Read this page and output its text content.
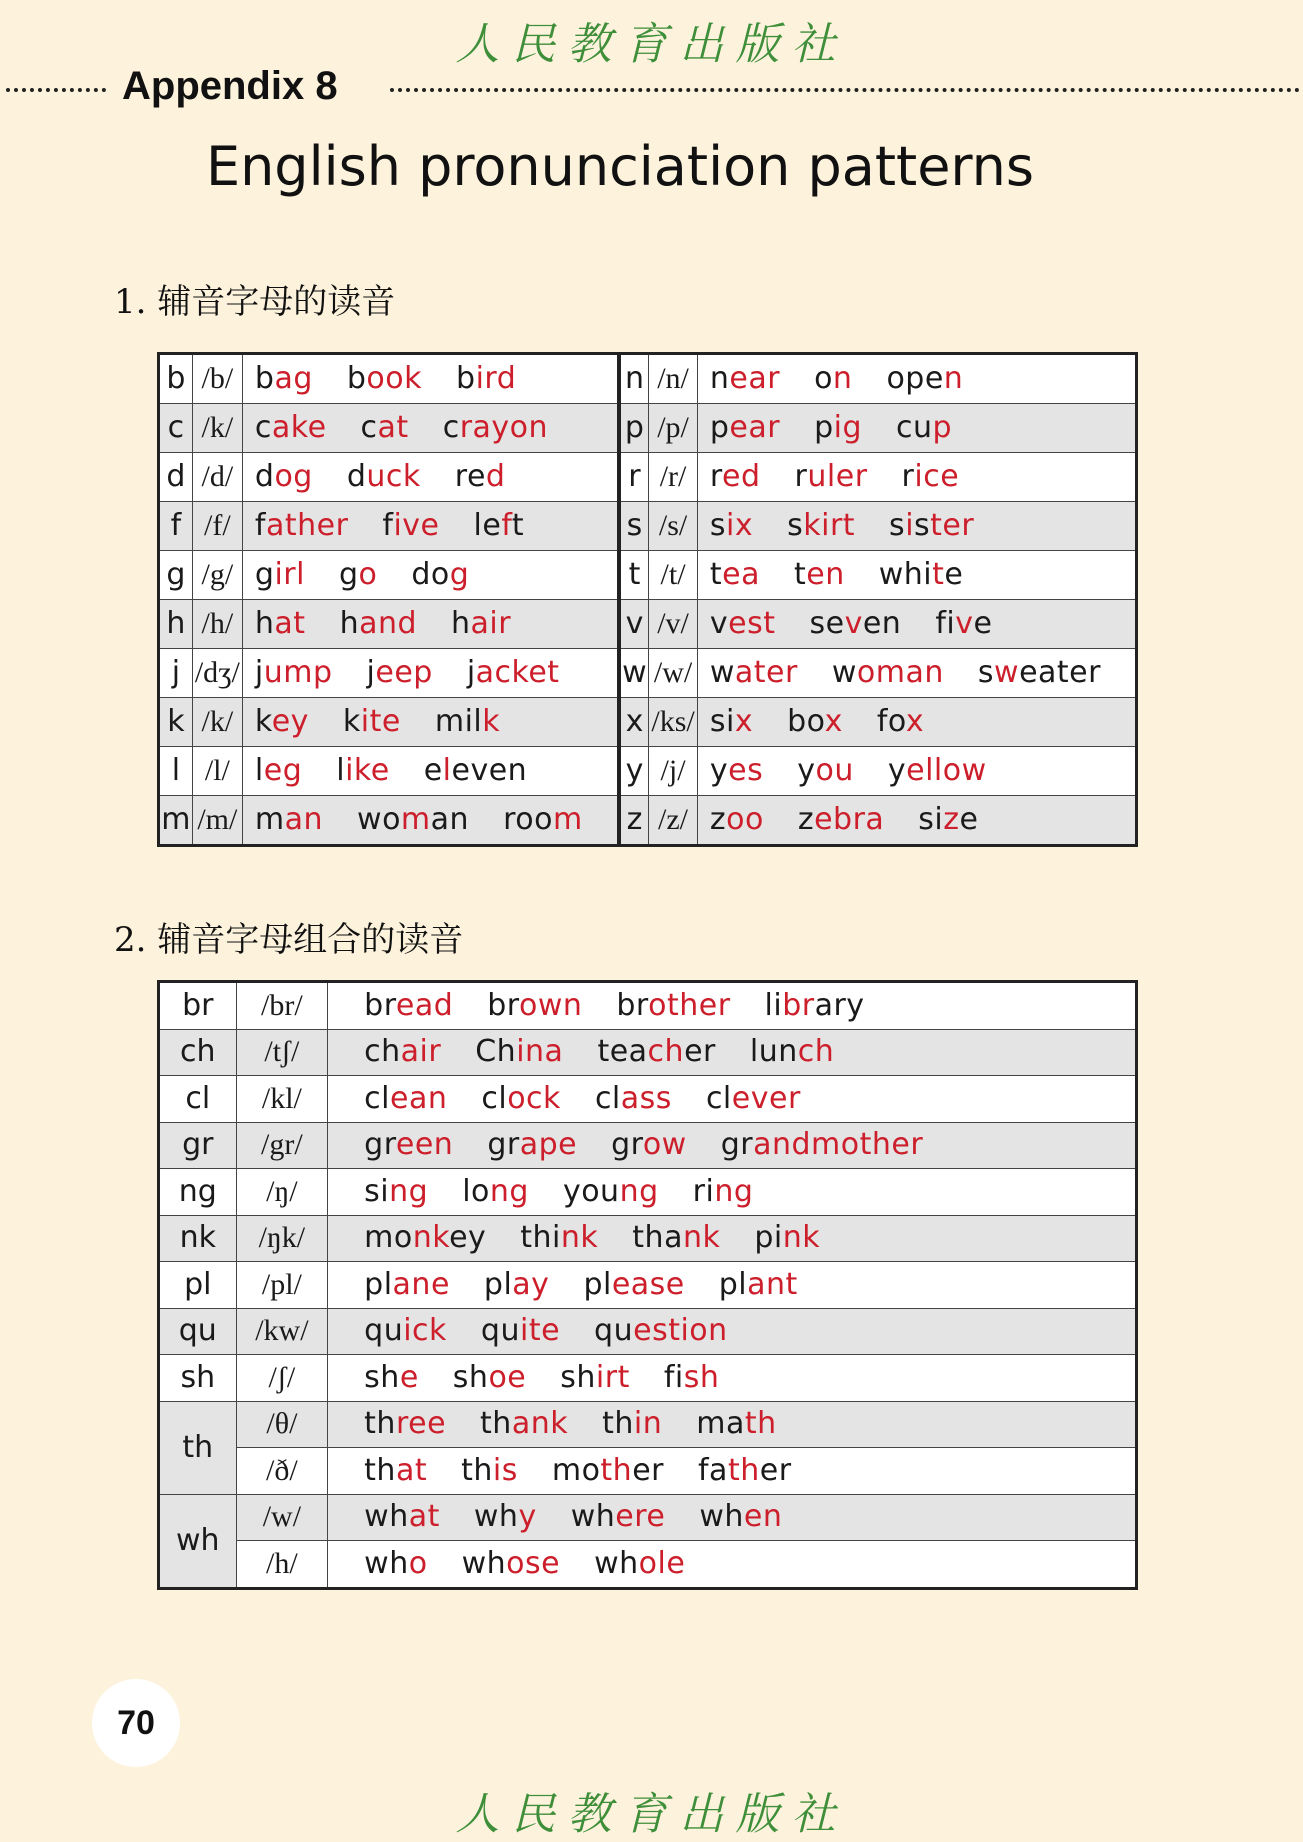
人民教育出版社
Appendix 8
English pronunciation patterns
1. 辅音字母的读音
b	/b/	bag book bird	n	/n/	near on open
c	/k/	cake cat crayon	p	/p/	pear pig cup
d	/d/	dog duck red	r	/r/	red ruler rice
f	/f/	father five left	s	/s/	six skirt sister
g	/g/	girl go dog	t	/t/	tea ten white
h	/h/	hat hand hair	v	/v/	vest seven five
j	/dʒ/	jump jeep jacket	w	/w/	water woman sweater
k	/k/	key kite milk	x	/ks/	six box fox
l	/l/	leg like eleven	y	/j/	yes you yellow
m	/m/	man woman room	z	/z/	zoo zebra size
2. 辅音字母组合的读音
br	/br/	bread brown brother library
ch	/tʃ/	chair China teacher lunch
cl	/kl/	clean clock class clever
gr	/gr/	green grape grow grandmother
ng	/ŋ/	sing long young ring
nk	/ŋk/	monkey think thank pink
pl	/pl/	plane play please plant
qu	/kw/	quick quite question
sh	/ʃ/	she shoe shirt fish
th	/θ/	three thank thin math
	/ð/	that this mother father
wh	/w/	what why where when
	/h/	who whose whole
70
人民教育出版社
